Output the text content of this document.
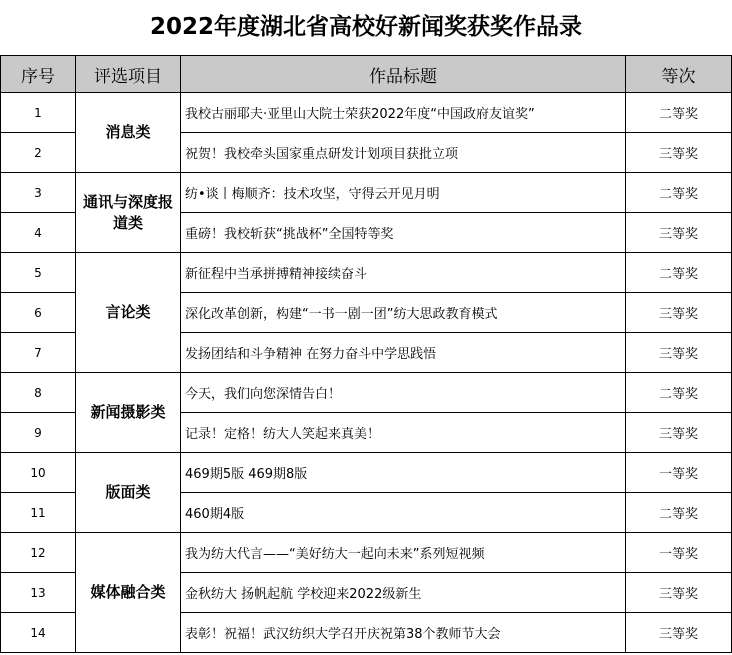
2022年度湖北省高校好新闻奖获奖作品录
序号	评选项目	作品标题	等次
1	消息类	我校古丽耶夫·亚里山大院士荣获2022年度“中国政府友谊奖”	二等奖
2		祝贺！我校牵头国家重点研发计划项目获批立项	三等奖
3	通讯与深度报道类	纺•谈丨梅顺齐：技术攻坚，守得云开见月明	二等奖
4		重磅！我校斩获“挑战杯”全国特等奖	三等奖
5	言论类	新征程中当承拼搏精神接续奋斗	二等奖
6		深化改革创新，构建“一书一剧一团”纺大思政教育模式	三等奖
7		发扬团结和斗争精神 在努力奋斗中学思践悟	三等奖
8	新闻摄影类	今天，我们向您深情告白！	二等奖
9		记录！定格！纺大人笑起来真美！	三等奖
10	版面类	469期5版 469期8版	一等奖
11		460期4版	二等奖
12	媒体融合类	我为纺大代言——“美好纺大一起向未来”系列短视频	一等奖
13		金秋纺大 扬帆起航 学校迎来2022级新生	三等奖
14		表彰！祝福！武汉纺织大学召开庆祝第38个教师节大会	三等奖
